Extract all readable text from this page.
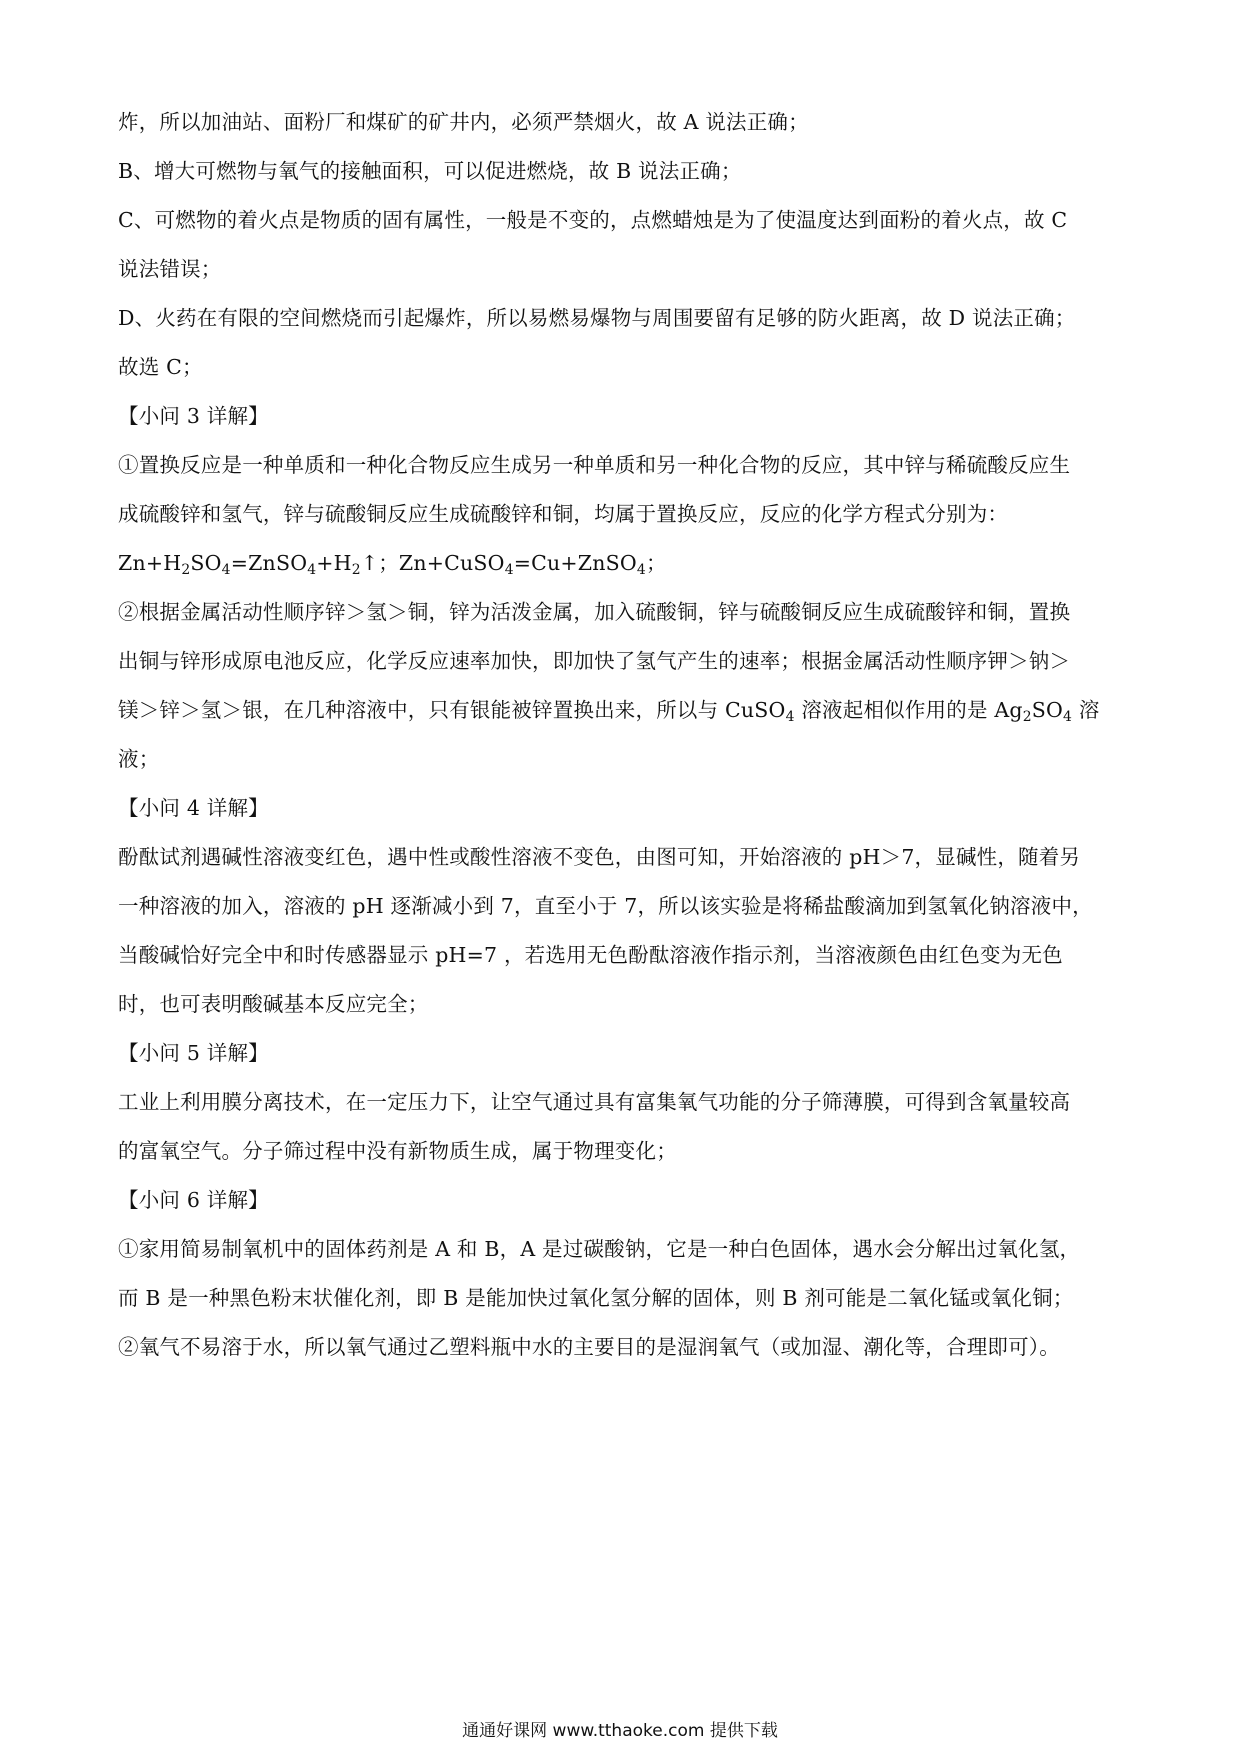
炸，所以加油站、面粉厂和煤矿的矿井内，必须严禁烟火，故 A 说法正确；
B、增大可燃物与氧气的接触面积，可以促进燃烧，故 B 说法正确；
C、可燃物的着火点是物质的固有属性，一般是不变的，点燃蜡烛是为了使温度达到面粉的着火点，故 C
说法错误；
D、火药在有限的空间燃烧而引起爆炸，所以易燃易爆物与周围要留有足够的防火距离，故 D 说法正确；
故选 C；
【小问 3 详解】
①置换反应是一种单质和一种化合物反应生成另一种单质和另一种化合物的反应，其中锌与稀硫酸反应生
成硫酸锌和氢气，锌与硫酸铜反应生成硫酸锌和铜，均属于置换反应，反应的化学方程式分别为：
$Zn+H_2SO_4=ZnSO_4+H_2↑$；Zn+CuSO$_4$=Cu+ZnSO$_4$；
②根据金属活动性顺序锌＞氢＞铜，锌为活泼金属，加入硫酸铜，锌与硫酸铜反应生成硫酸锌和铜，置换
出铜与锌形成原电池反应，化学反应速率加快，即加快了氢气产生的速率；根据金属活动性顺序钾＞钠＞
镁＞锌＞氢＞银，在几种溶液中，只有银能被锌置换出来，所以与 CuSO$_4$ 溶液起相似作用的是 $Ag_2SO_4$ 溶
液；
【小问 4 详解】
酚酞试剂遇碱性溶液变红色，遇中性或酸性溶液不变色，由图可知，开始溶液的 pH＞7，显碱性，随着另
一种溶液的加入，溶液的 pH 逐渐减小到 7，直至小于 7，所以该实验是将稀盐酸滴加到氢氧化钠溶液中，
当酸碱恰好完全中和时传感器显示 pH=7 ，若选用无色酚酞溶液作指示剂，当溶液颜色由红色变为无色
时，也可表明酸碱基本反应完全；
【小问 5 详解】
工业上利用膜分离技术，在一定压力下，让空气通过具有富集氧气功能的分子筛薄膜，可得到含氧量较高
的富氧空气。分子筛过程中没有新物质生成，属于物理变化；
【小问 6 详解】
①家用简易制氧机中的固体药剂是 A 和 B，A 是过碳酸钠，它是一种白色固体，遇水会分解出过氧化氢，
而 B 是一种黑色粉末状催化剂，即 B 是能加快过氧化氢分解的固体，则 B 剂可能是二氧化锰或氧化铜；
②氧气不易溶于水，所以氧气通过乙塑料瓶中水的主要目的是湿润氧气（或加湿、潮化等，合理即可）。
通通好课网 www.tthaoke.com 提供下载
